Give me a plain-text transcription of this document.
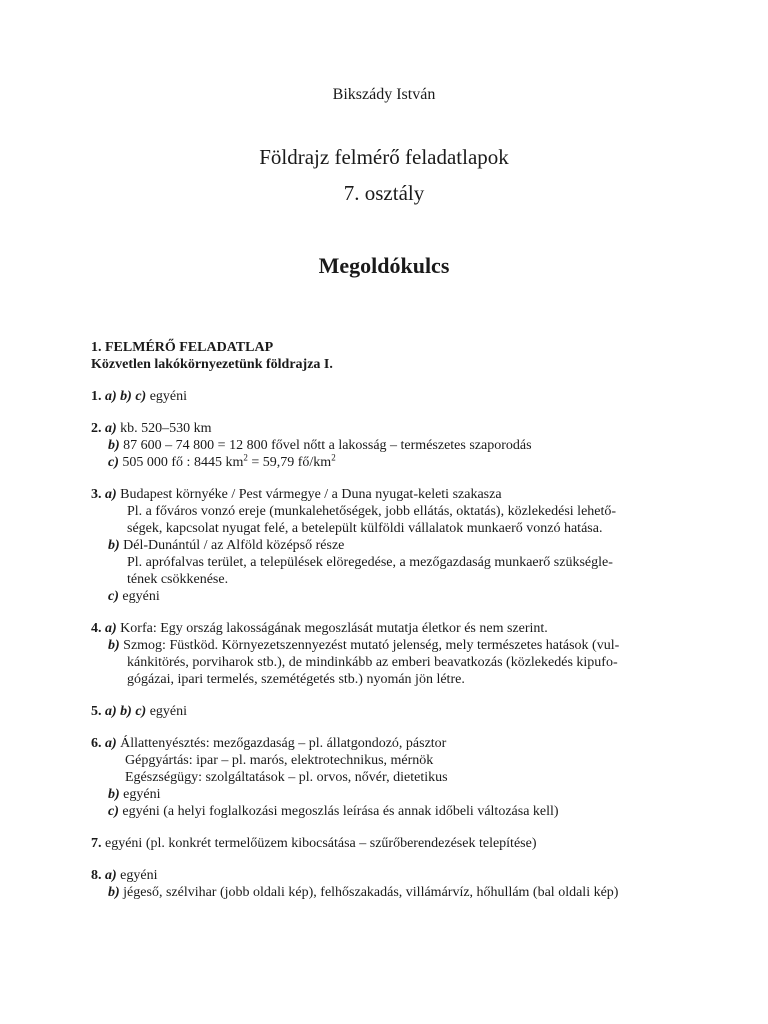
Bikszády István
Földrajz felmérő feladatlapok
7. osztály
Megoldókulcs
1. FELMÉRŐ FELADATLAP
Közvetlen lakókörnyezetünk földrajza I.
1. a) b) c) egyéni
2. a) kb. 520–530 km
b) 87 600 – 74 800 = 12 800 fővel nőtt a lakosság – természetes szaporodás
c) 505 000 fő : 8445 $km^2 = 59,79$ $fő/km^2$
3. a) Budapest környéke / Pest vármegye / a Duna nyugat-keleti szakasza
Pl. a főváros vonzó ereje (munkalehetőségek, jobb ellátás, oktatás), közlekedési lehető-
ségek, kapcsolat nyugat felé, a betelepült külföldi vállalatok munkaerő vonzó hatása.
b) Dél-Dunántúl / az Alföld középső része
Pl. aprófalvas terület, a települések elöregedése, a mezőgazdaság munkaerő szükségle-
tének csökkenése.
c) egyéni
4. a) Korfa: Egy ország lakosságának megoszlását mutatja életkor és nem szerint.
b) Szmog: Füstköd. Környezetszennyezést mutató jelenség, mely természetes hatások (vul-
kánkitörés, porviharok stb.), de mindinkább az emberi beavatkozás (közlekedés kipufo-
gógázai, ipari termelés, szemétégetés stb.) nyomán jön létre.
5. a) b) c) egyéni
6. a) Állattenyésztés: mezőgazdaság – pl. állatgondozó, pásztor
Gépgyártás: ipar – pl. marós, elektrotechnikus, mérnök
Egészségügy: szolgáltatások – pl. orvos, nővér, dietetikus
b) egyéni
c) egyéni (a helyi foglalkozási megoszlás leírása és annak időbeli változása kell)
7. egyéni (pl. konkrét termelőüzem kibocsátása – szűrőberendezések telepítése)
8. a) egyéni
b) jégeső, szélvihar (jobb oldali kép), felhőszakadás, villámárvíz, hőhullám (bal oldali kép)
